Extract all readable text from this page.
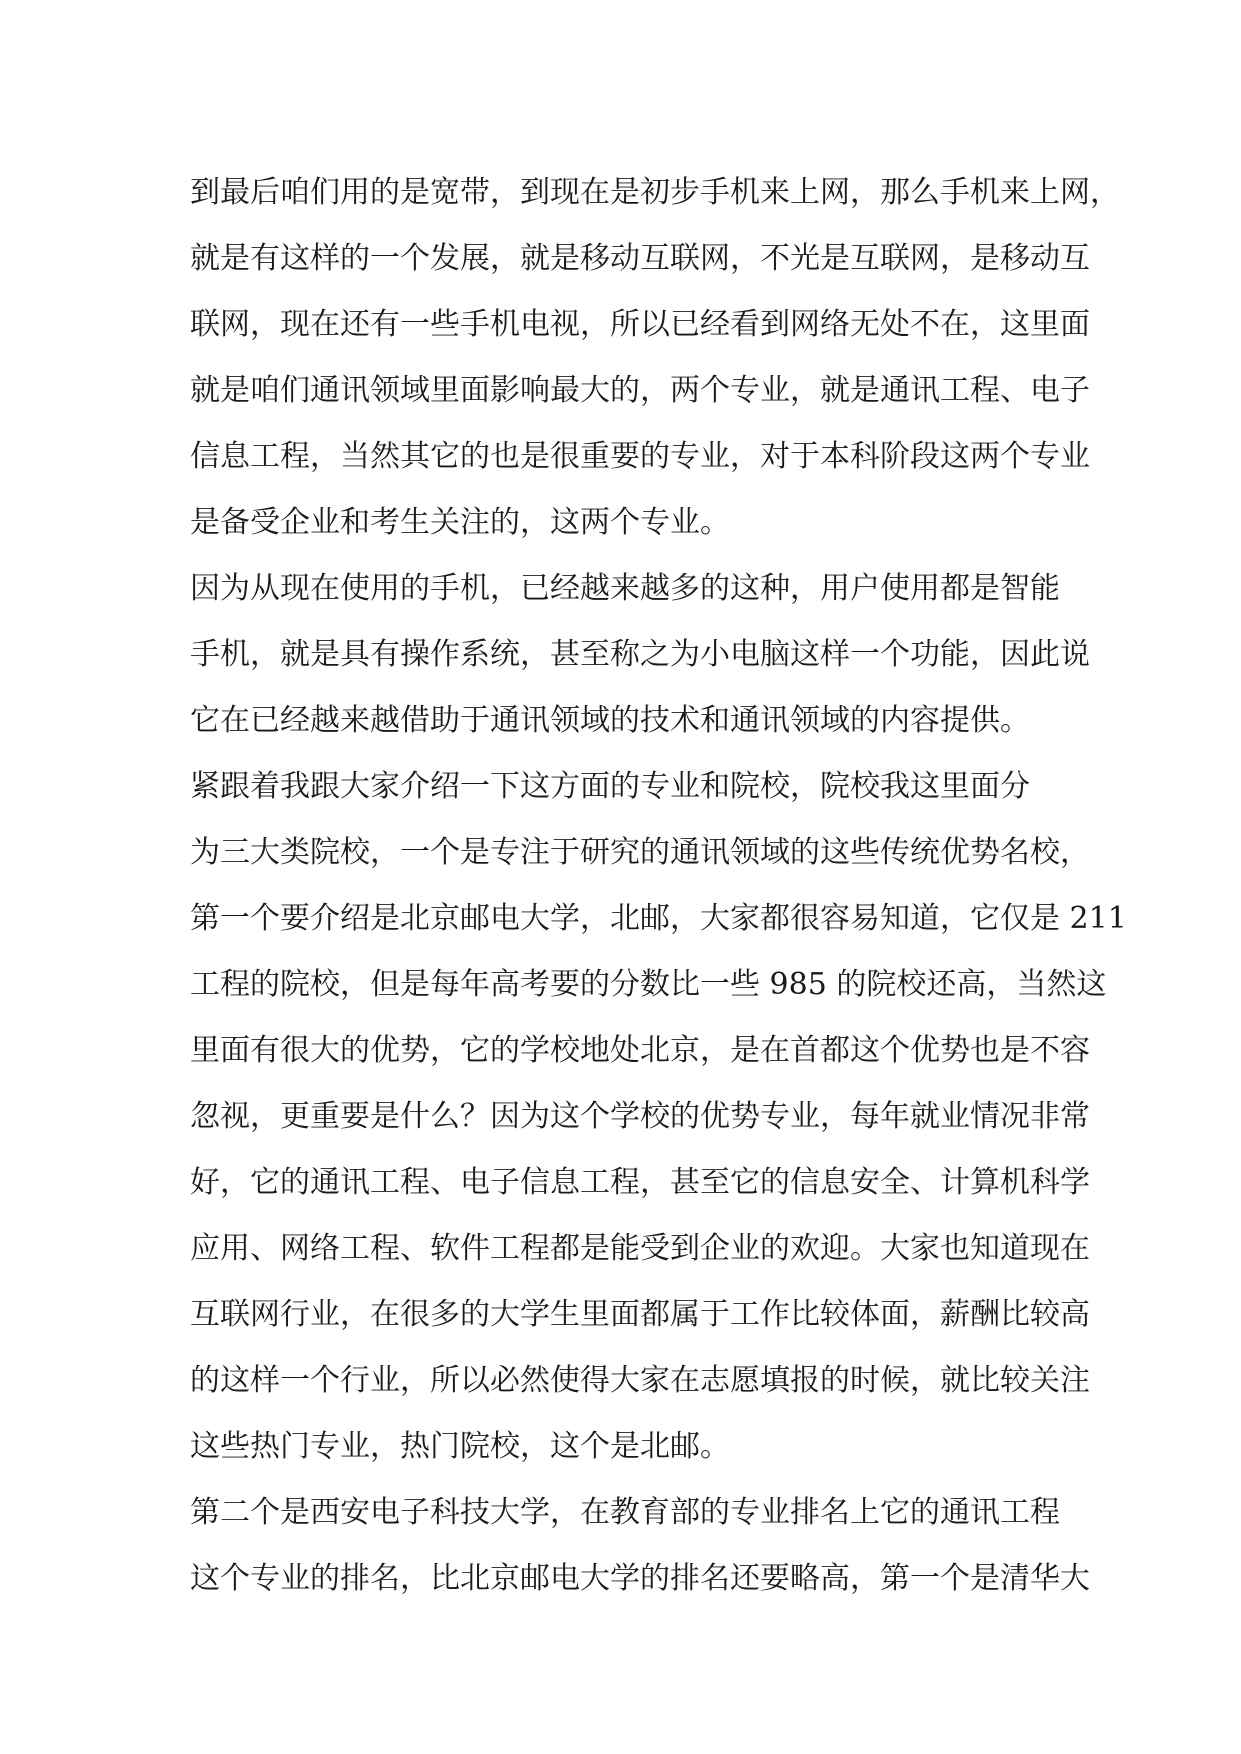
到最后咱们用的是宽带，到现在是初步手机来上网，那么手机来上网，
就是有这样的一个发展，就是移动互联网，不光是互联网，是移动互
联网，现在还有一些手机电视，所以已经看到网络无处不在，这里面
就是咱们通讯领域里面影响最大的，两个专业，就是通讯工程、电子
信息工程，当然其它的也是很重要的专业，对于本科阶段这两个专业
是备受企业和考生关注的，这两个专业。
因为从现在使用的手机，已经越来越多的这种，用户使用都是智能
手机，就是具有操作系统，甚至称之为小电脑这样一个功能，因此说
它在已经越来越借助于通讯领域的技术和通讯领域的内容提供。
紧跟着我跟大家介绍一下这方面的专业和院校，院校我这里面分
为三大类院校，一个是专注于研究的通讯领域的这些传统优势名校，
第一个要介绍是北京邮电大学，北邮，大家都很容易知道，它仅是 211
工程的院校，但是每年高考要的分数比一些 985 的院校还高，当然这
里面有很大的优势，它的学校地处北京，是在首都这个优势也是不容
忽视，更重要是什么？因为这个学校的优势专业，每年就业情况非常
好，它的通讯工程、电子信息工程，甚至它的信息安全、计算机科学
应用、网络工程、软件工程都是能受到企业的欢迎。大家也知道现在
互联网行业，在很多的大学生里面都属于工作比较体面，薪酬比较高
的这样一个行业，所以必然使得大家在志愿填报的时候，就比较关注
这些热门专业，热门院校，这个是北邮。
第二个是西安电子科技大学，在教育部的专业排名上它的通讯工程
这个专业的排名，比北京邮电大学的排名还要略高，第一个是清华大
